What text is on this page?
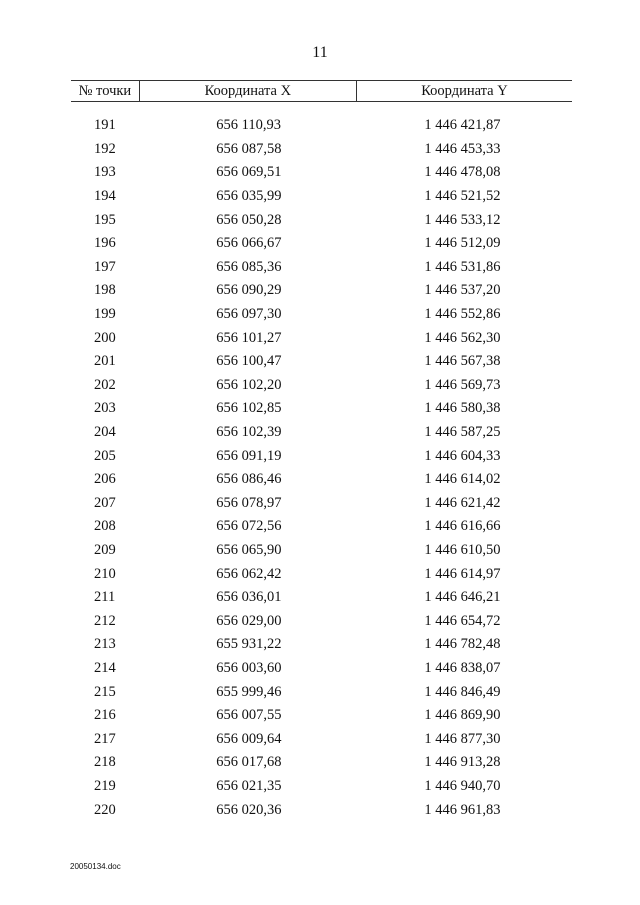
11
№ точки	Координата X	Координата Y

191	656 110,93	1 446 421,87
192	656 087,58	1 446 453,33
193	656 069,51	1 446 478,08
194	656 035,99	1 446 521,52
195	656 050,28	1 446 533,12
196	656 066,67	1 446 512,09
197	656 085,36	1 446 531,86
198	656 090,29	1 446 537,20
199	656 097,30	1 446 552,86
200	656 101,27	1 446 562,30
201	656 100,47	1 446 567,38
202	656 102,20	1 446 569,73
203	656 102,85	1 446 580,38
204	656 102,39	1 446 587,25
205	656 091,19	1 446 604,33
206	656 086,46	1 446 614,02
207	656 078,97	1 446 621,42
208	656 072,56	1 446 616,66
209	656 065,90	1 446 610,50
210	656 062,42	1 446 614,97
211	656 036,01	1 446 646,21
212	656 029,00	1 446 654,72
213	655 931,22	1 446 782,48
214	656 003,60	1 446 838,07
215	655 999,46	1 446 846,49
216	656 007,55	1 446 869,90
217	656 009,64	1 446 877,30
218	656 017,68	1 446 913,28
219	656 021,35	1 446 940,70
220	656 020,36	1 446 961,83
20050134.doc
